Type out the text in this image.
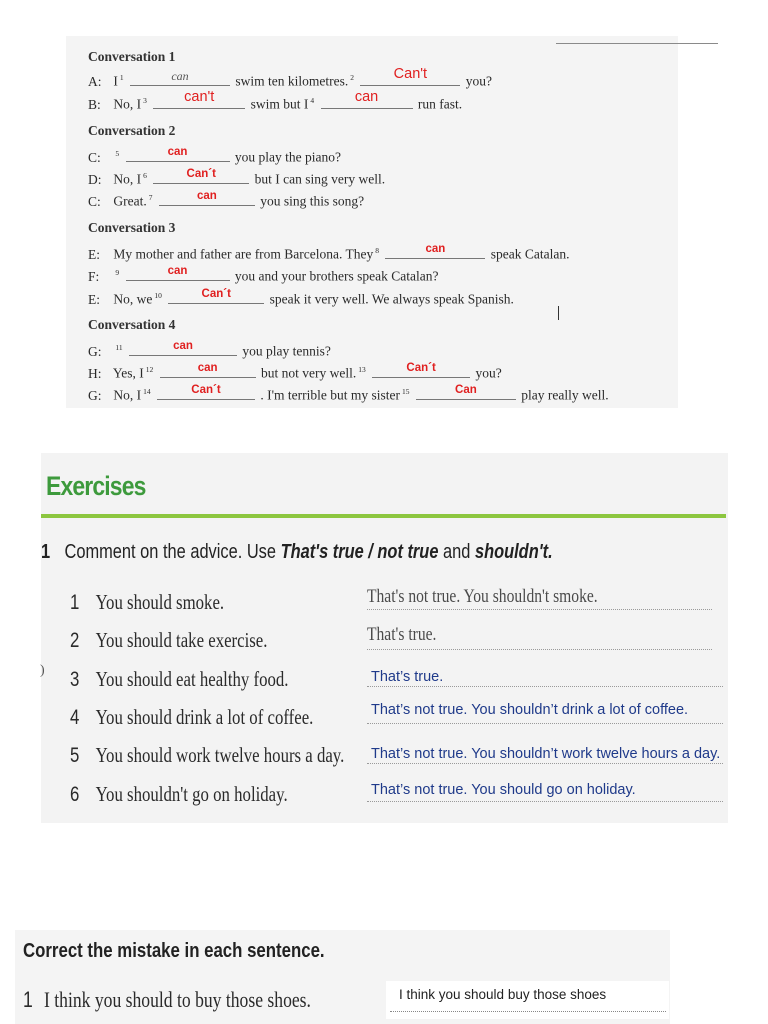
Conversation 1
A: I $^1$	can	swim ten kilometres. $^2$	Can't	you?
B: No, I $^3$	can't	swim but I $^4$	can	run fast.
Conversation 2
C: $^5$	can	you play the piano?
D: No, I $^6$	Can´t	but I can sing very well.
C: Great. $^7$	can	you sing this song?
Conversation 3
E: My mother and father are from Barcelona. They $^8$	can	speak Catalan.
F: $^9$	can	you and your brothers speak Catalan?
E: No, we $^{10}$	Can´t	speak it very well. We always speak Spanish.
Conversation 4
G: $^{11}$	can	you play tennis?
H: Yes, I $^{12}$	can	but not very well. $^{13}$	Can´t	you?
G: No, I $^{14}$	Can´t	. I'm terrible but my sister $^{15}$	Can	play really well.
Exercises
1 Comment on the advice. Use That's true / not true and shouldn't.
)
1 You should smoke.	That's not true. You shouldn't smoke.
2 You should take exercise.	That's true.
3 You should eat healthy food.	That’s true.
4 You should drink a lot of coffee.	That’s not true. You shouldn’t drink a lot of coffee.
5 You should work twelve hours a day. That’s not true. You shouldn’t work twelve hours a day.
6 You shouldn't go on holiday.	That’s not true. You should go on holiday.
Correct the mistake in each sentence.
1 I think you should to buy those shoes.	I think you should buy those shoes
